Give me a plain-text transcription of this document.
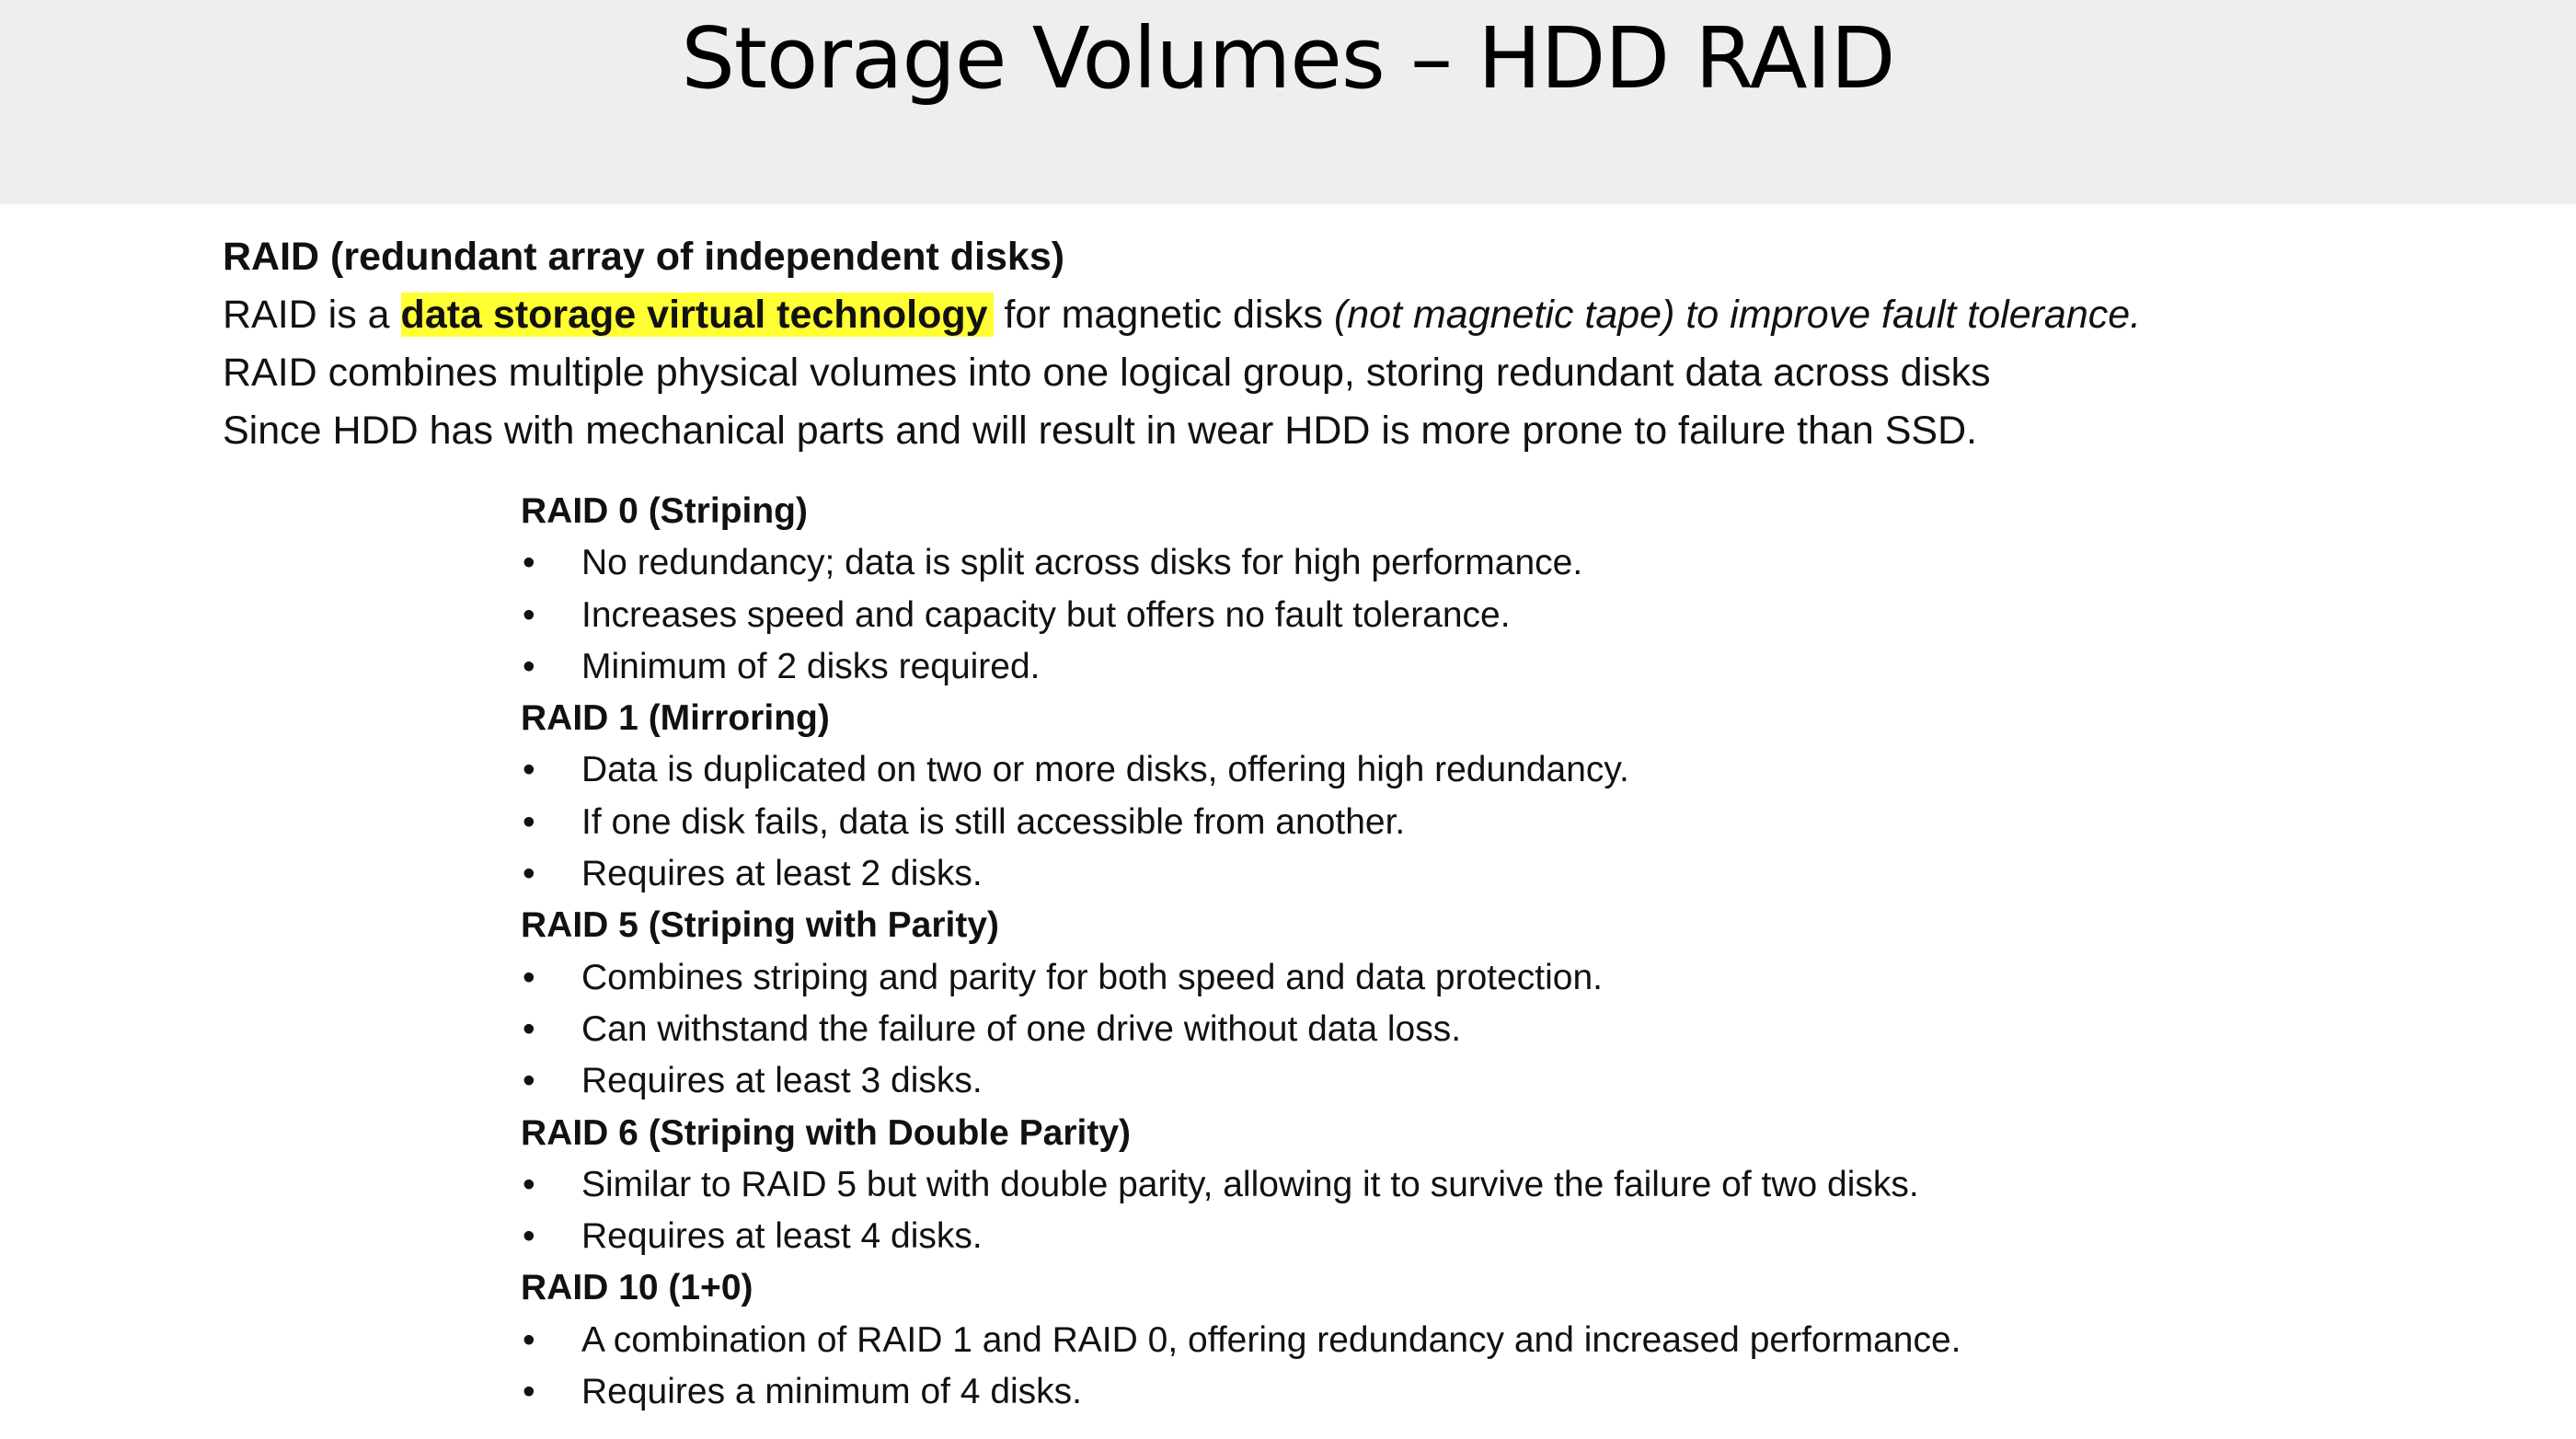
Storage Volumes – HDD RAID

RAID (redundant array of independent disks)

RAID is a data storage virtual technology for magnetic disks (not magnetic tape) to improve fault tolerance.

RAID combines multiple physical volumes into one logical group, storing redundant data across disks

Since HDD has with mechanical parts and will result in wear HDD is more prone to failure than SSD.

RAID 0 (Striping)

•	No redundancy; data is split across disks for high performance.
•	Increases speed and capacity but offers no fault tolerance.
•	Minimum of 2 disks required.

RAID 1 (Mirroring)

•	Data is duplicated on two or more disks, offering high redundancy.
•	If one disk fails, data is still accessible from another.
•	Requires at least 2 disks.

RAID 5 (Striping with Parity)

•	Combines striping and parity for both speed and data protection.
•	Can withstand the failure of one drive without data loss.
•	Requires at least 3 disks.

RAID 6 (Striping with Double Parity)

•	Similar to RAID 5 but with double parity, allowing it to survive the failure of two disks.
•	Requires at least 4 disks.

RAID 10 (1+0)

•	A combination of RAID 1 and RAID 0, offering redundancy and increased performance.
•	Requires a minimum of 4 disks.
